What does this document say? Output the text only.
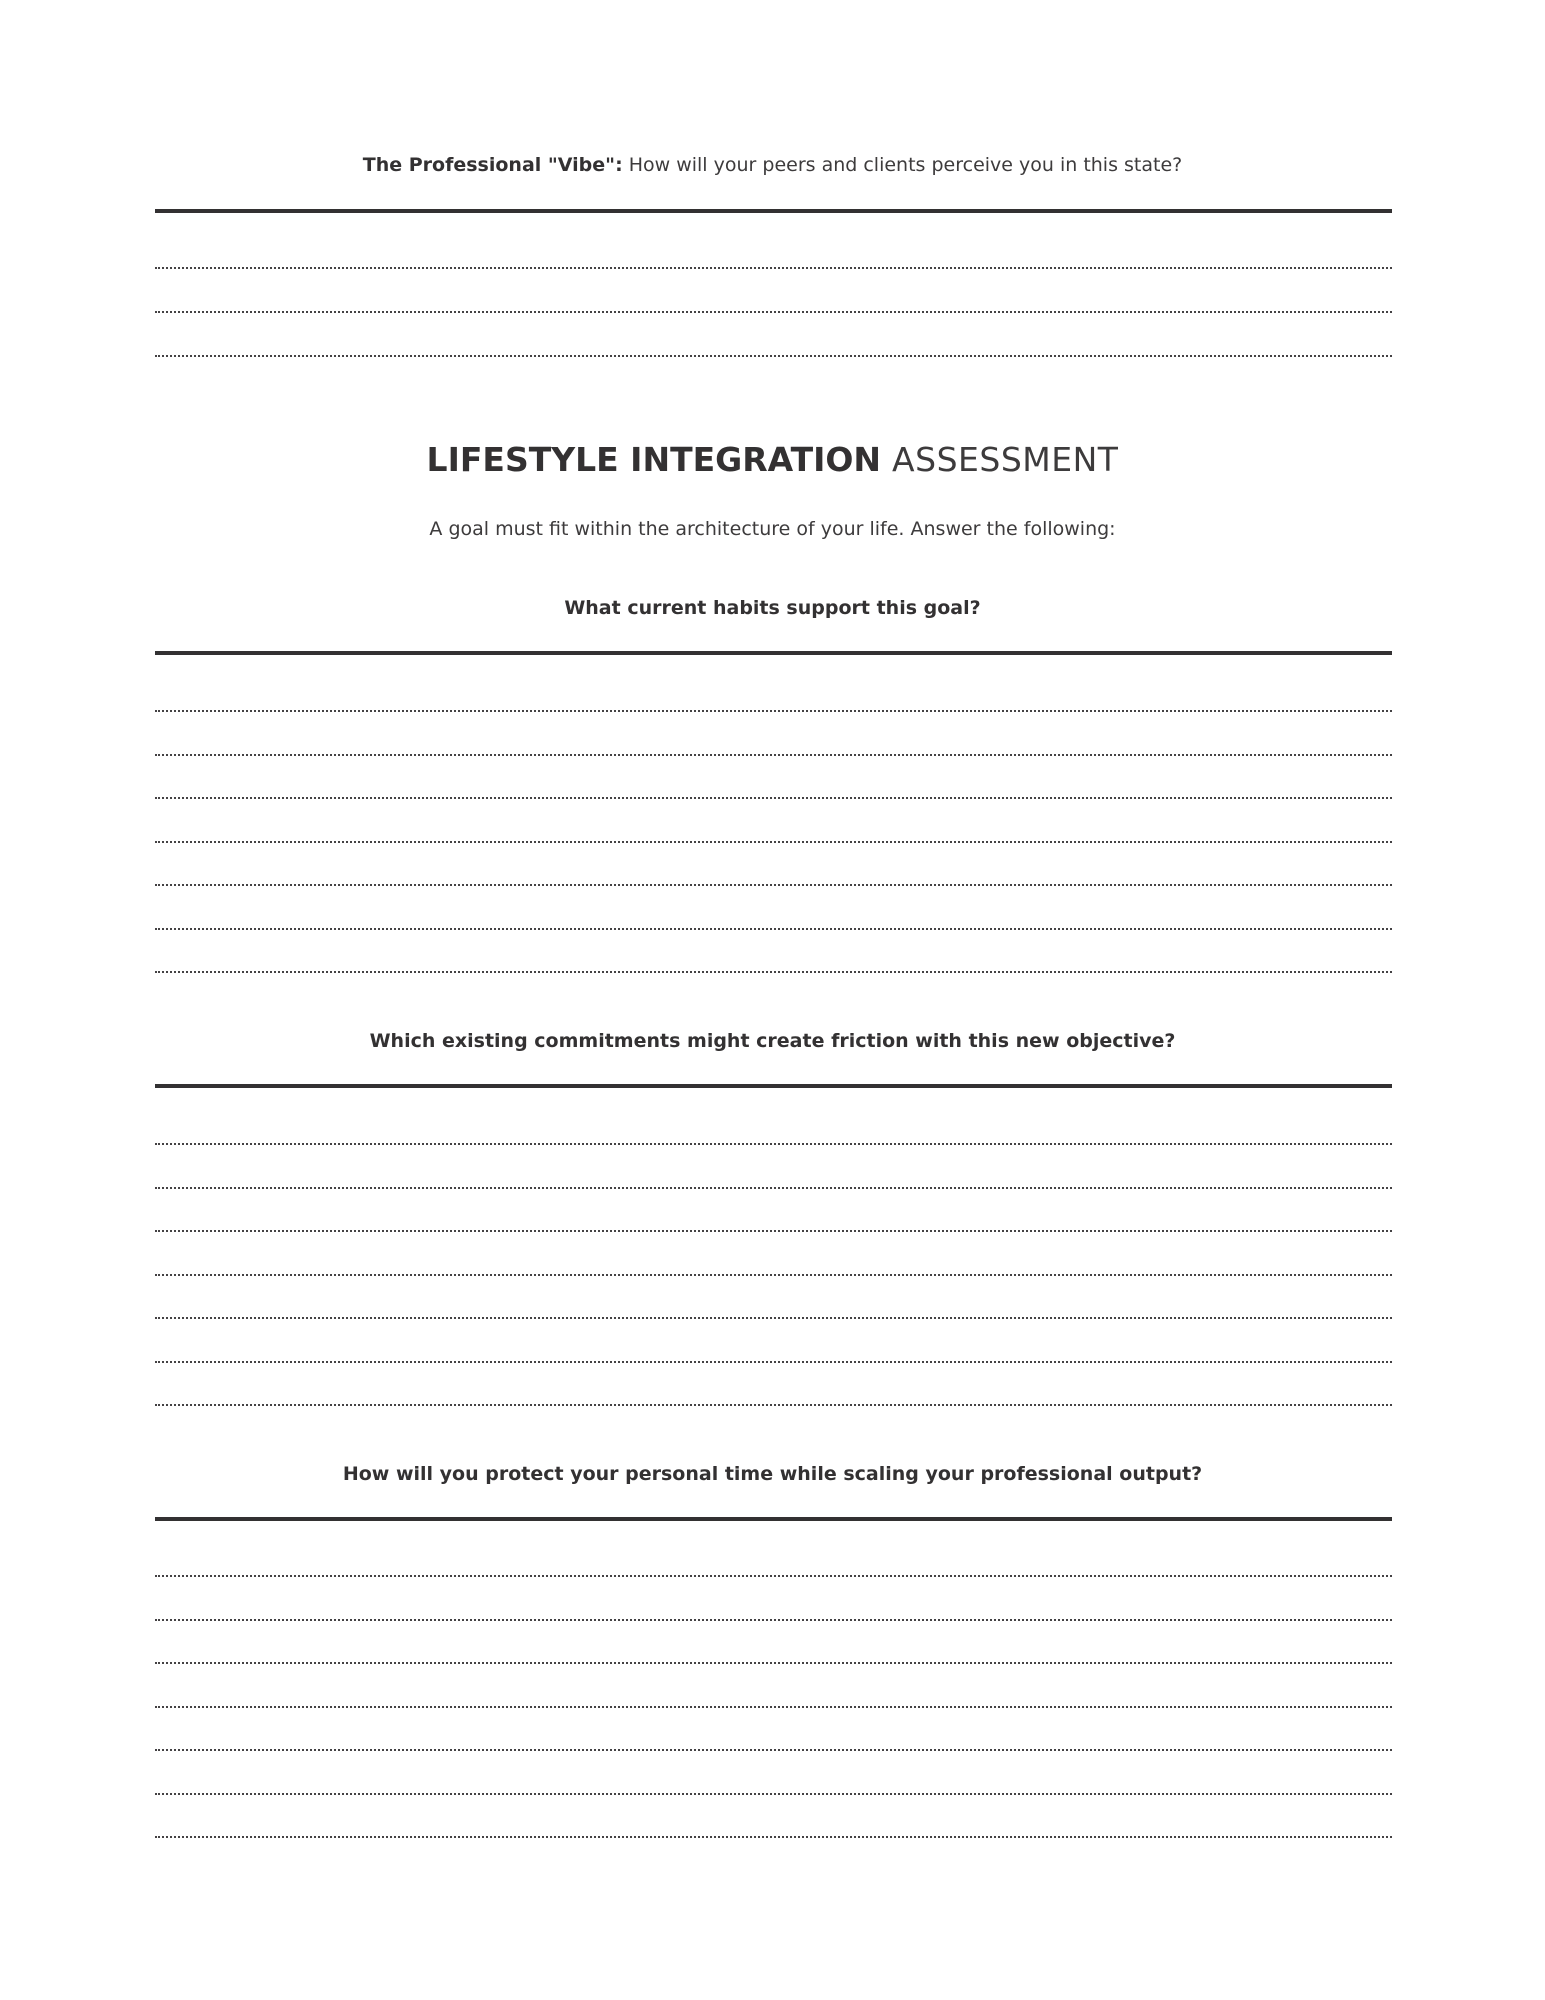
The Professional "Vibe": How will your peers and clients perceive you in this state?
LIFESTYLE INTEGRATION ASSESSMENT
A goal must fit within the architecture of your life. Answer the following:
What current habits support this goal?
Which existing commitments might create friction with this new objective?
How will you protect your personal time while scaling your professional output?
